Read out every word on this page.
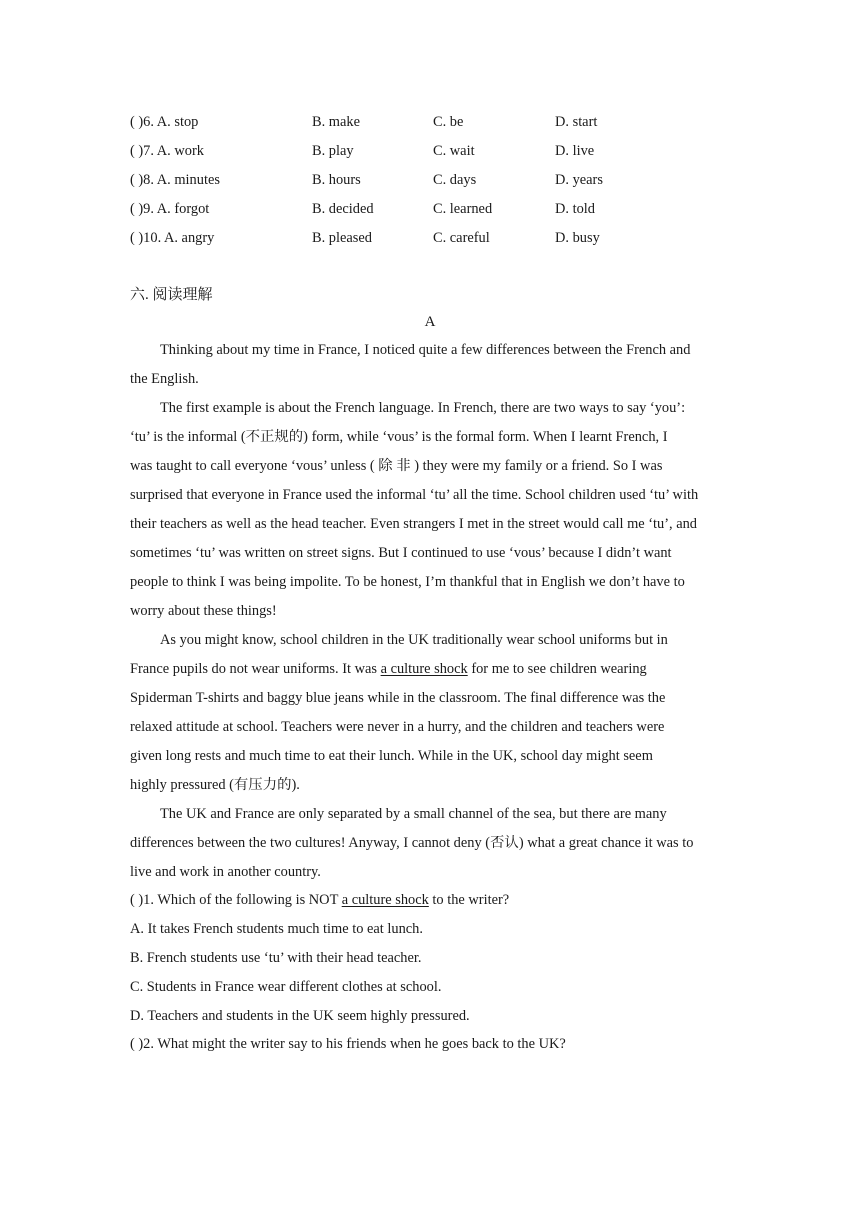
( )6. A. stop	B. make	C. be	D. start
( )7. A. work	B. play	C. wait	D. live
( )8. A. minutes	B. hours	C. days	D. years
( )9. A. forgot	B. decided	C. learned	D. told
( )10. A. angry	B. pleased	C. careful	D. busy
六. 阅读理解
A
Thinking about my time in France, I noticed quite a few differences between the French and
the English.
The first example is about the French language. In French, there are two ways to say ‘you’:
‘tu’ is the informal (不正规的) form, while ‘vous’ is the formal form. When I learnt French, I
was taught to call everyone ‘vous’ unless ( 除 非 ) they were my family or a friend. So I was
surprised that everyone in France used the informal ‘tu’ all the time. School children used ‘tu’ with
their teachers as well as the head teacher. Even strangers I met in the street would call me ‘tu’, and
sometimes ‘tu’ was written on street signs. But I continued to use ‘vous’ because I didn’t want
people to think I was being impolite. To be honest, I’m thankful that in English we don’t have to
worry about these things!
As you might know, school children in the UK traditionally wear school uniforms but in
France pupils do not wear uniforms. It was a culture shock for me to see children wearing
Spiderman T-shirts and baggy blue jeans while in the classroom. The final difference was the
relaxed attitude at school. Teachers were never in a hurry, and the children and teachers were
given long rests and much time to eat their lunch. While in the UK, school day might seem
highly pressured (有压力的).
The UK and France are only separated by a small channel of the sea, but there are many
differences between the two cultures! Anyway, I cannot deny (否认) what a great chance it was to
live and work in another country.
( )1. Which of the following is NOT a culture shock to the writer?
A. It takes French students much time to eat lunch.
B. French students use ‘tu’ with their head teacher.
C. Students in France wear different clothes at school.
D. Teachers and students in the UK seem highly pressured.
( )2. What might the writer say to his friends when he goes back to the UK?
